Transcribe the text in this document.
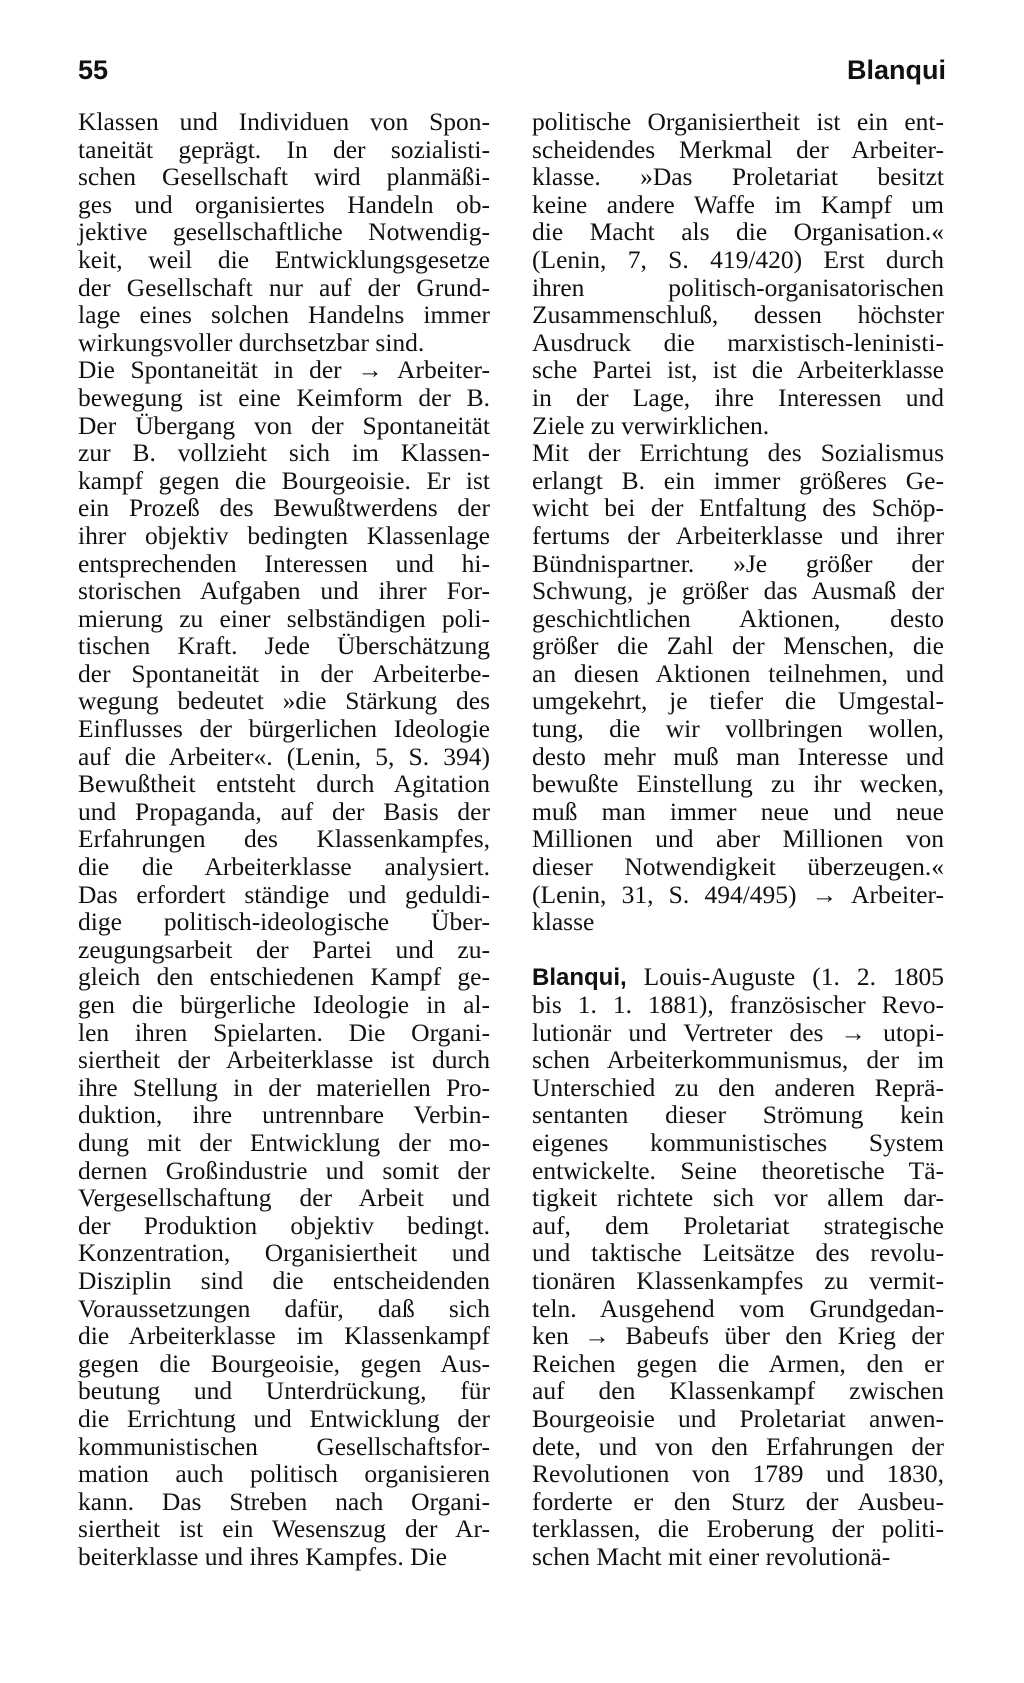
55	Blanqui
Klassen und Individuen von Spon-
taneität geprägt. In der sozialisti-
schen Gesellschaft wird planmäßi-
ges und organisiertes Handeln ob-
jektive gesellschaftliche Notwendig-
keit, weil die Entwicklungsgesetze
der Gesellschaft nur auf der Grund-
lage eines solchen Handelns immer
wirkungsvoller durchsetzbar sind.
Die Spontaneität in der → Arbeiter-
bewegung ist eine Keimform der B.
Der Übergang von der Spontaneität
zur B. vollzieht sich im Klassen-
kampf gegen die Bourgeoisie. Er ist
ein Prozeß des Bewußtwerdens der
ihrer objektiv bedingten Klassenlage
entsprechenden Interessen und hi-
storischen Aufgaben und ihrer For-
mierung zu einer selbständigen poli-
tischen Kraft. Jede Überschätzung
der Spontaneität in der Arbeiterbe-
wegung bedeutet »die Stärkung des
Einflusses der bürgerlichen Ideologie
auf die Arbeiter«. (Lenin, 5, S. 394)
Bewußtheit entsteht durch Agitation
und Propaganda, auf der Basis der
Erfahrungen des Klassenkampfes,
die die Arbeiterklasse analysiert.
Das erfordert ständige und geduldi-
dige politisch-ideologische Über-
zeugungsarbeit der Partei und zu-
gleich den entschiedenen Kampf ge-
gen die bürgerliche Ideologie in al-
len ihren Spielarten. Die Organi-
siertheit der Arbeiterklasse ist durch
ihre Stellung in der materiellen Pro-
duktion, ihre untrennbare Verbin-
dung mit der Entwicklung der mo-
dernen Großindustrie und somit der
Vergesellschaftung der Arbeit und
der Produktion objektiv bedingt.
Konzentration, Organisiertheit und
Disziplin sind die entscheidenden
Voraussetzungen dafür, daß sich
die Arbeiterklasse im Klassenkampf
gegen die Bourgeoisie, gegen Aus-
beutung und Unterdrückung, für
die Errichtung und Entwicklung der
kommunistischen Gesellschaftsfor-
mation auch politisch organisieren
kann. Das Streben nach Organi-
siertheit ist ein Wesenszug der Ar-
beiterklasse und ihres Kampfes. Die
politische Organisiertheit ist ein ent-
scheidendes Merkmal der Arbeiter-
klasse. »Das Proletariat besitzt
keine andere Waffe im Kampf um
die Macht als die Organisation.«
(Lenin, 7, S. 419/420) Erst durch
ihren politisch-organisatorischen
Zusammenschluß, dessen höchster
Ausdruck die marxistisch-leninisti-
sche Partei ist, ist die Arbeiterklasse
in der Lage, ihre Interessen und
Ziele zu verwirklichen.
Mit der Errichtung des Sozialismus
erlangt B. ein immer größeres Ge-
wicht bei der Entfaltung des Schöp-
fertums der Arbeiterklasse und ihrer
Bündnispartner. »Je größer der
Schwung, je größer das Ausmaß der
geschichtlichen Aktionen, desto
größer die Zahl der Menschen, die
an diesen Aktionen teilnehmen, und
umgekehrt, je tiefer die Umgestal-
tung, die wir vollbringen wollen,
desto mehr muß man Interesse und
bewußte Einstellung zu ihr wecken,
muß man immer neue und neue
Millionen und aber Millionen von
dieser Notwendigkeit überzeugen.«
(Lenin, 31, S. 494/495) → Arbeiter-
klasse
Blanqui, Louis-Auguste (1. 2. 1805
bis 1. 1. 1881), französischer Revo-
lutionär und Vertreter des → utopi-
schen Arbeiterkommunismus, der im
Unterschied zu den anderen Reprä-
sentanten dieser Strömung kein
eigenes kommunistisches System
entwickelte. Seine theoretische Tä-
tigkeit richtete sich vor allem dar-
auf, dem Proletariat strategische
und taktische Leitsätze des revolu-
tionären Klassenkampfes zu vermit-
teln. Ausgehend vom Grundgedan-
ken → Babeufs über den Krieg der
Reichen gegen die Armen, den er
auf den Klassenkampf zwischen
Bourgeoisie und Proletariat anwen-
dete, und von den Erfahrungen der
Revolutionen von 1789 und 1830,
forderte er den Sturz der Ausbeu-
terklassen, die Eroberung der politi-
schen Macht mit einer revolutionä-
